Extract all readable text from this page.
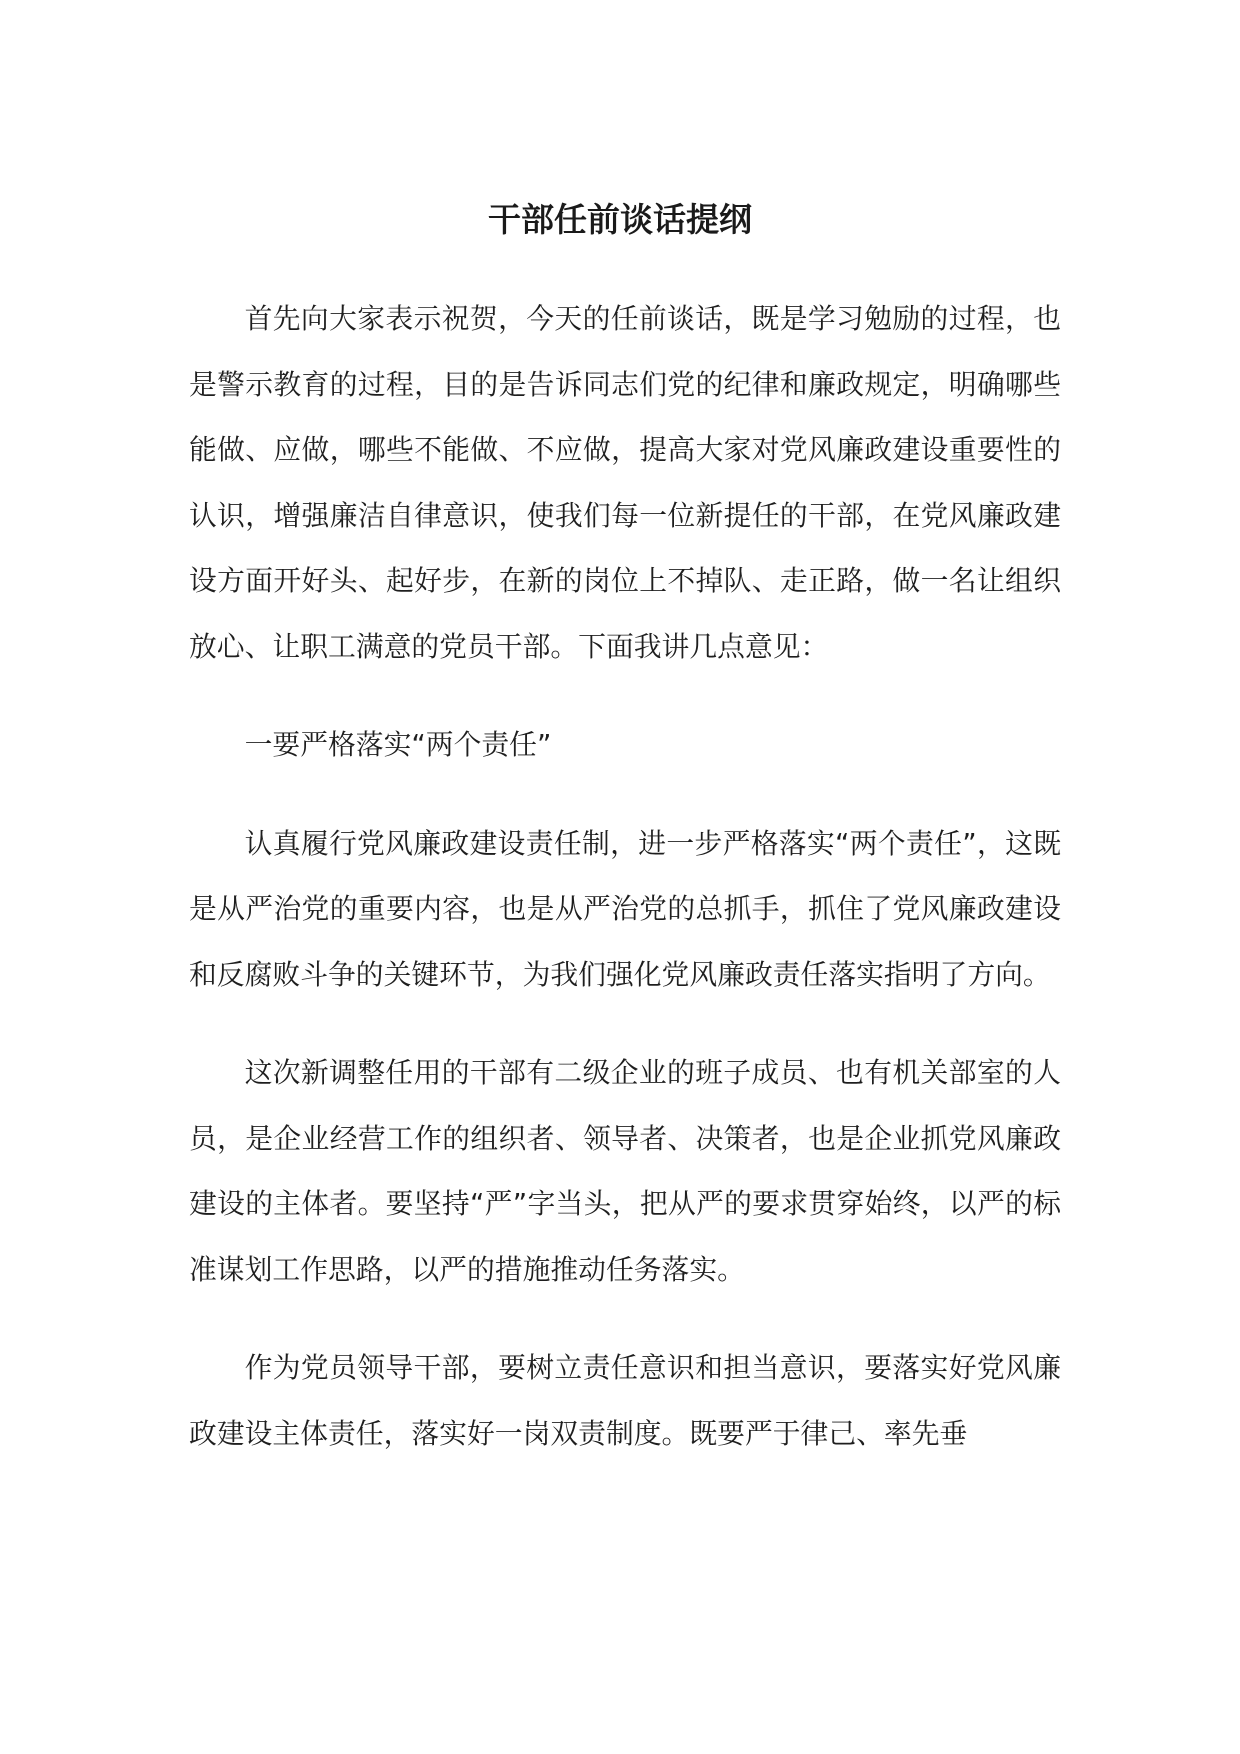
干部任前谈话提纲

首先向大家表示祝贺，今天的任前谈话，既是学习勉励的过程，也是警示教育的过程，目的是告诉同志们党的纪律和廉政规定，明确哪些能做、应做，哪些不能做、不应做，提高大家对党风廉政建设重要性的认识，增强廉洁自律意识，使我们每一位新提任的干部，在党风廉政建设方面开好头、起好步，在新的岗位上不掉队、走正路，做一名让组织放心、让职工满意的党员干部。下面我讲几点意见：

一要严格落实“两个责任”

认真履行党风廉政建设责任制，进一步严格落实“两个责任”，这既是从严治党的重要内容，也是从严治党的总抓手，抓住了党风廉政建设和反腐败斗争的关键环节，为我们强化党风廉政责任落实指明了方向。

这次新调整任用的干部有二级企业的班子成员、也有机关部室的人员，是企业经营工作的组织者、领导者、决策者，也是企业抓党风廉政建设的主体者。要坚持“严”字当头，把从严的要求贯穿始终，以严的标准谋划工作思路，以严的措施推动任务落实。

作为党员领导干部，要树立责任意识和担当意识，要落实好党风廉政建设主体责任，落实好一岗双责制度。既要严于律己、率先垂
